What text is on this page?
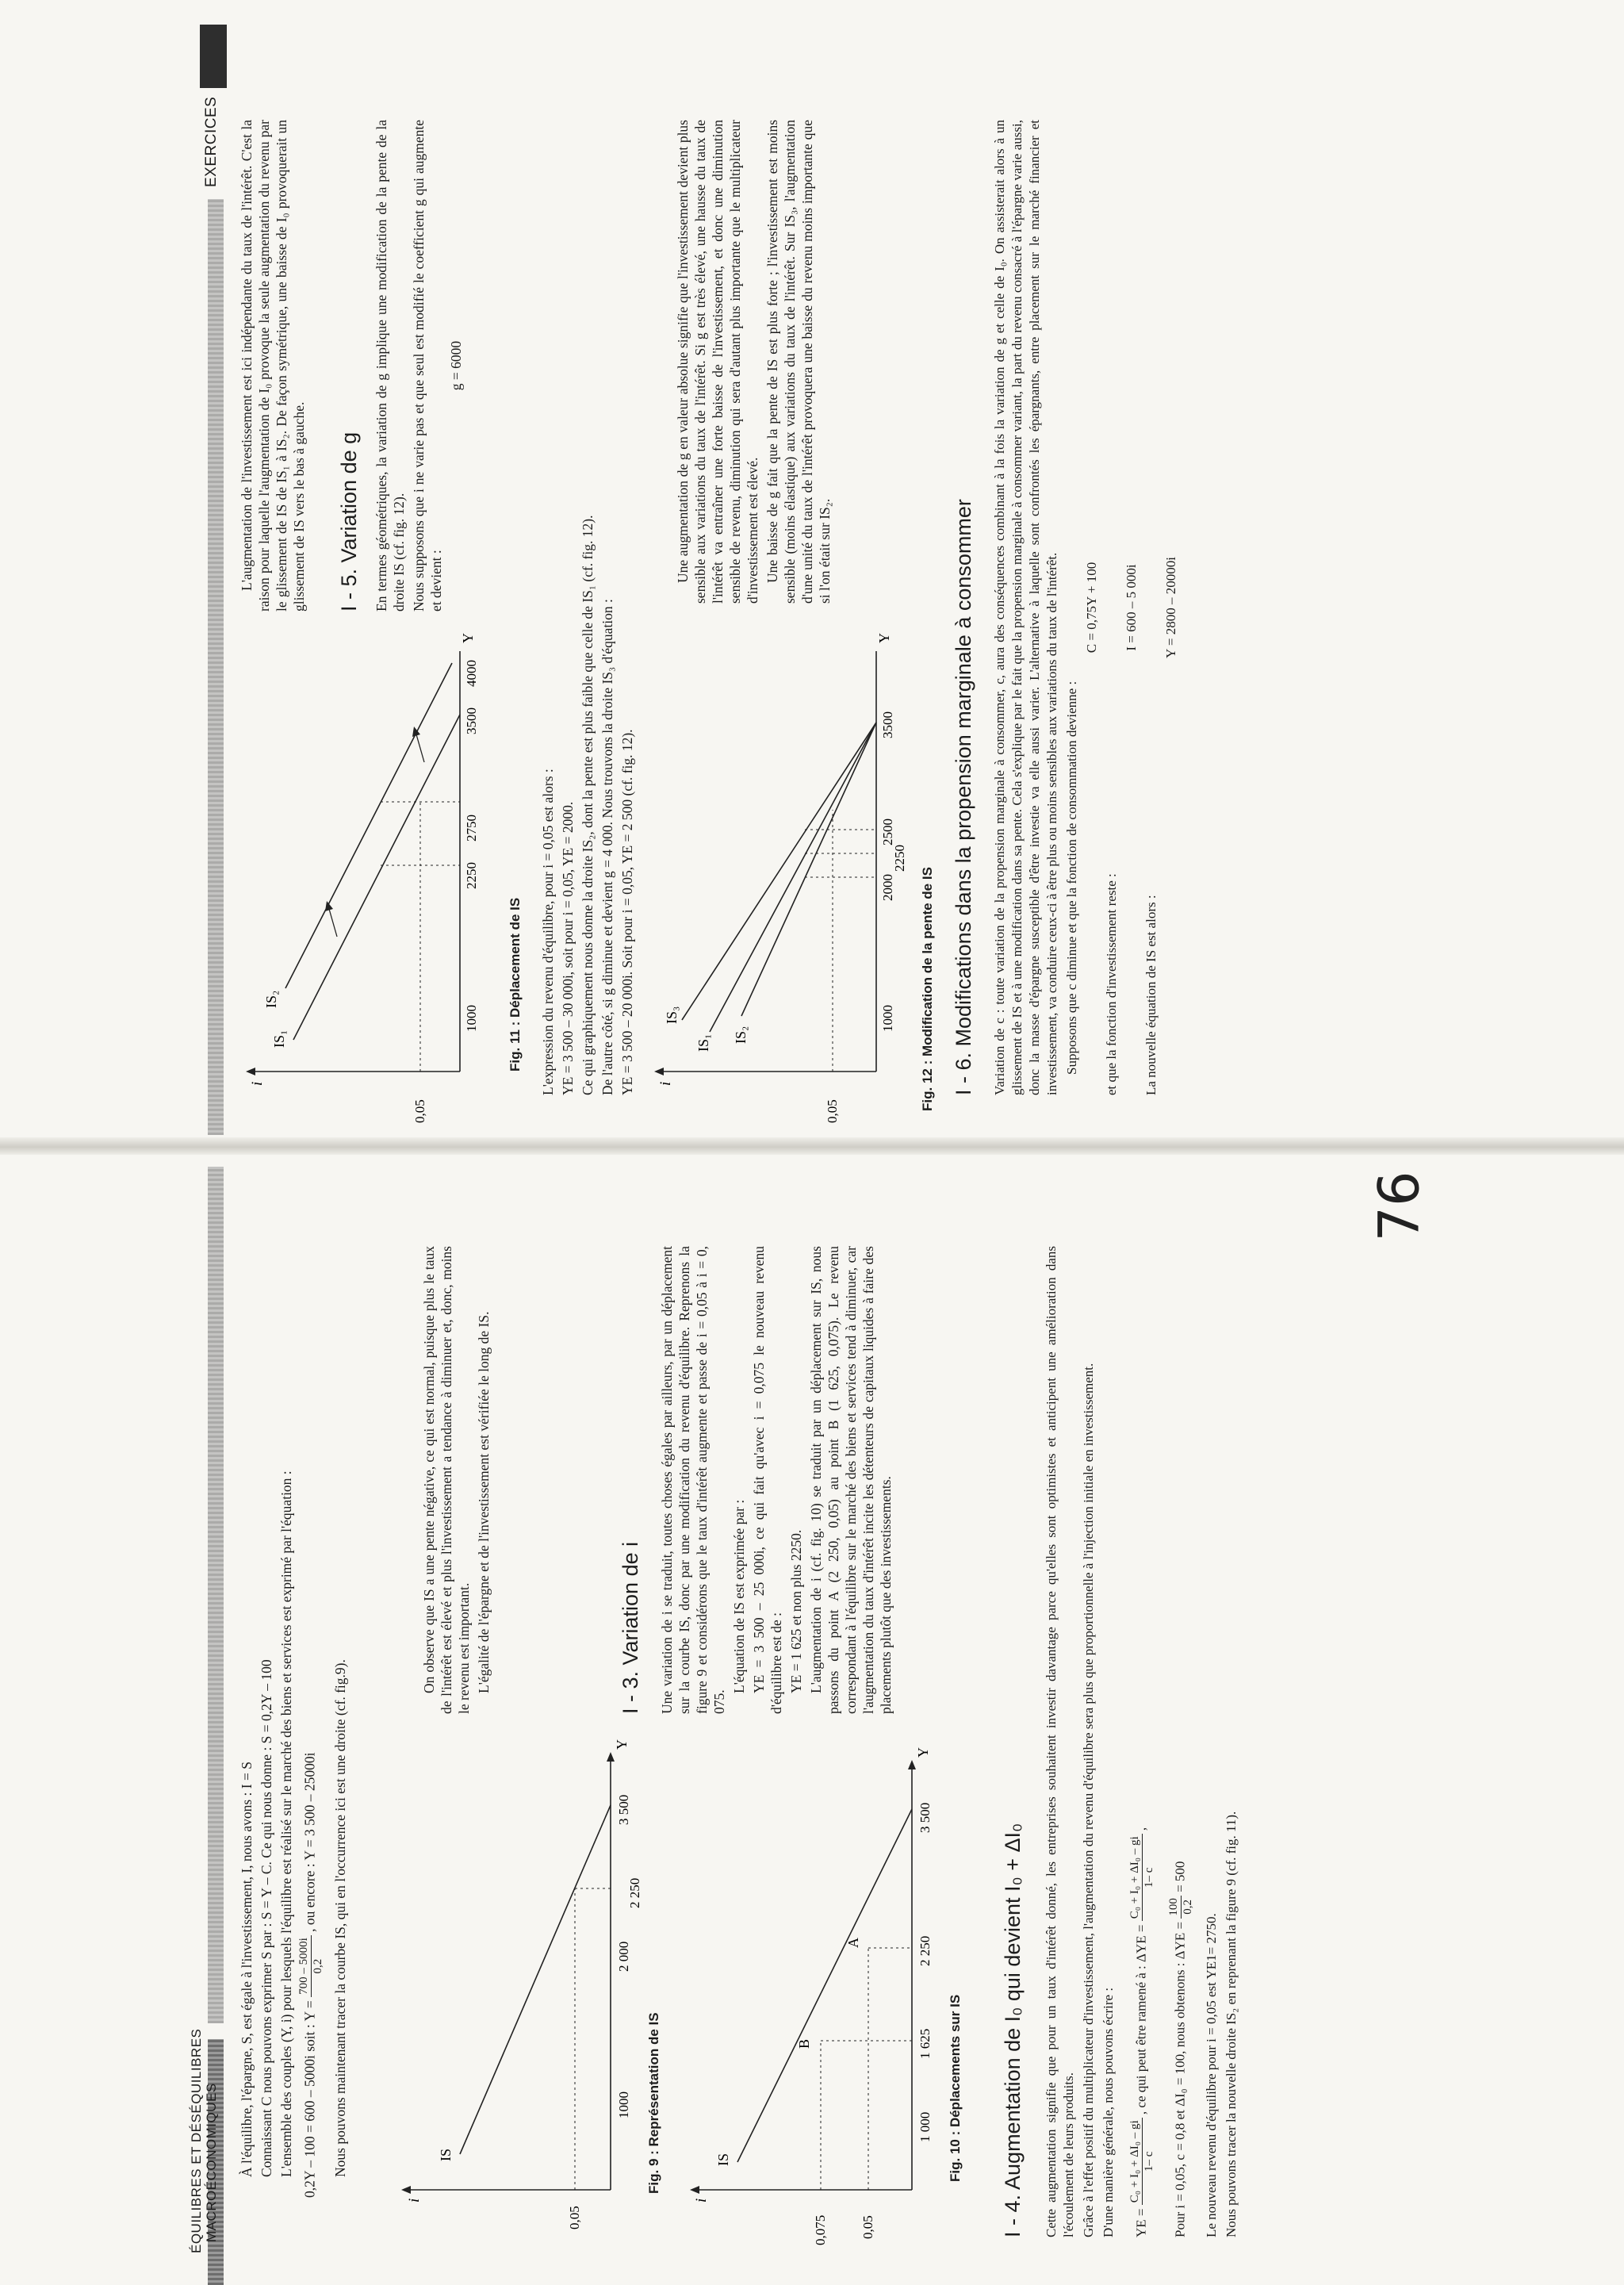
ÉQUILIBRES ET DÉSÉQUILIBRES MACROÉCONOMIQUES À l'équilibre, l'épargne, S, est égale à l'investissement, I, nous avons : I = S Connaissant C nous pouvons exprimer S par : S = Y – C. Ce qui nous donne : S = 0,2Y – 100 L'ensemble des couples (Y, i) pour lesquels l'équilibre est réalisé sur le marché des biens et services est exprimé par l'équation : 0,2Y – 100 = 600 – 5000i soit : Y =
700 – 5000i 0,2
, ou encore : Y = 3 500 – 25000i	Nous pouvons maintenant tracer la courbe IS, qui en l'occurrence ici est une droite (cf. fig.9).

i
Y
IS
0,05
1000
2 000
2 250
3 500
Fig. 9 : Représentation de IS

On observe que IS a une pente négative, ce qui est normal, puisque plus le taux de l'intérêt est élevé et plus l'investissement a tendance à diminuer et, donc, moins le revenu est important. L'égalité de l'épargne et de l'investissement est vérifiée le long de IS.	I - 3. Variation de i Une variation de i se traduit, toutes choses égales par ailleurs, par un déplacement sur la courbe IS, donc par une modification du revenu d'équilibre. Reprenons la figure 9 et considérons que le taux d'intérêt augmente et passe de i = 0,05 à i = 0, 075.

L'équation de IS est exprimée par : YE = 3 500 – 25 000i, ce qui fait qu'avec i = 0,075 le nouveau revenu d'équilibre est de : YE = 1 625 et non plus 2250. L'augmentation de i (cf. fig. 10) se traduit par un déplacement sur IS, nous passons du point A (2 250, 0,05) au point B (1 625, 0,075). Le revenu correspondant à l'équilibre sur le marché des biens et services tend à diminuer, car l'augmentation du taux d'intérêt incite les détenteurs de capitaux liquides à faire des placements plutôt que des investissements.

i
Y
IS
B
A
0,075 0,05
1 000
1 625
2 250
3 500
Fig. 10 : Déplacements sur IS I - 4. Augmentation de I₀ qui devient I₀ + ΔI₀ Cette augmentation signifie que pour un taux d'intérêt donné, les entreprises souhaitent investir davantage parce qu'elles sont optimistes et anticipent une amélioration dans l'écoulement de leurs produits. Grâce à l'effet positif du multiplicateur d'investissement, l'augmentation du revenu d'équilibre sera plus que proportionnelle à l'injection initiale en investissement. D'une manière générale, nous pouvons écrire :	YE =
C₀ + I₀ + ΔI₀ – gi 1– c
, ce qui peut être ramené à : ΔYE =
C₀ + I₀ + ΔI₀ – gi 1– c
,

Pour i = 0,05, c = 0,8 et ΔI₀ = 100, nous obtenons : ΔYE =
100 0,2
= 500

Le nouveau revenu d'équilibre pour i = 0,05 est YE1= 2750. Nous pouvons tracer la nouvelle droite IS₂ en reprenant la figure 9 (cf. fig. 11).

EXERCICES
i
Y
IS₁
IS₂
0,05
1000
2250
2750
3500
4000
Fig. 11 : Déplacement de IS

L'augmentation de l'investissement est ici indépendante du taux de l'intérêt. C'est la raison pour laquelle l'augmentation de I₀ provoque la seule augmentation du revenu par le glissement de IS de IS₁ à IS₂. De façon symétrique, une baisse de I₀ provoquerait un glissement de IS vers le bas à gauche. I - 5. Variation de g En termes géométriques, la variation de g implique une modification de la pente de la droite IS (cf. fig. 12). Nous supposons que i ne varie pas et que seul est modifié le coefficient g qui augmente et devient :

g = 6000

L'expression du revenu d'équilibre, pour i = 0,05 est alors : YE = 3 500 – 30 000i, soit pour i = 0,05, YE = 2000. Ce qui graphiquement nous donne la droite IS₂, dont la pente est plus faible que celle de IS₁ (cf. fig. 12). De l'autre côté, si g diminue et devient g = 4 000. Nous trouvons la droite IS₃ d'équation : YE = 3 500 – 20 000i. Soit pour i = 0,05, YE = 2 500 (cf. fig. 12). i
Y
IS₃
IS₁ IS₂
0,05
1000
2000
2250
2500
3500
Fig. 12 : Modification de la pente de IS

Une augmentation de g en valeur absolue signifie que l'investissement devient plus sensible aux variations du taux de l'intérêt. Si g est très élevé, une hausse du taux de l'intérêt va entraîner une forte baisse de l'investissement, et donc une diminution sensible de revenu, diminution qui sera d'autant plus importante que le multiplicateur d'investissement est élevé. Une baisse de g fait que la pente de IS est plus forte ; l'investissement est moins sensible (moins élastique) aux variations du taux de l'intérêt. Sur IS₃, l'augmentation d'une unité du taux de l'intérêt provoquera une baisse du revenu moins importante que si l'on était sur IS₂.	I - 6. Modifications dans la propension marginale à consommer Variation de c : toute variation de la propension marginale à consommer, c, aura des conséquences combinant à la fois la variation de g et celle de I₀. On assisterait alors à un glissement de IS et à une modification dans sa pente. Cela s'explique par le fait que la propension marginale à consommer variant, la part du revenu consacré à l'épargne varie aussi, donc la masse d'épargne susceptible d'être investie va elle aussi varier. L'alternative à laquelle sont confrontés les épargnants, entre placement sur le marché financier et investissement, va conduire ceux-ci à être plus ou moins sensibles aux variations du taux de l'intérêt. Supposons que c diminue et que la fonction de consommation devienne :

C = 0,75Y + 100

et que la fonction d'investissement reste :

I = 600 – 5 000i

La nouvelle équation de IS est alors :

Y = 2800 – 20000i

76
